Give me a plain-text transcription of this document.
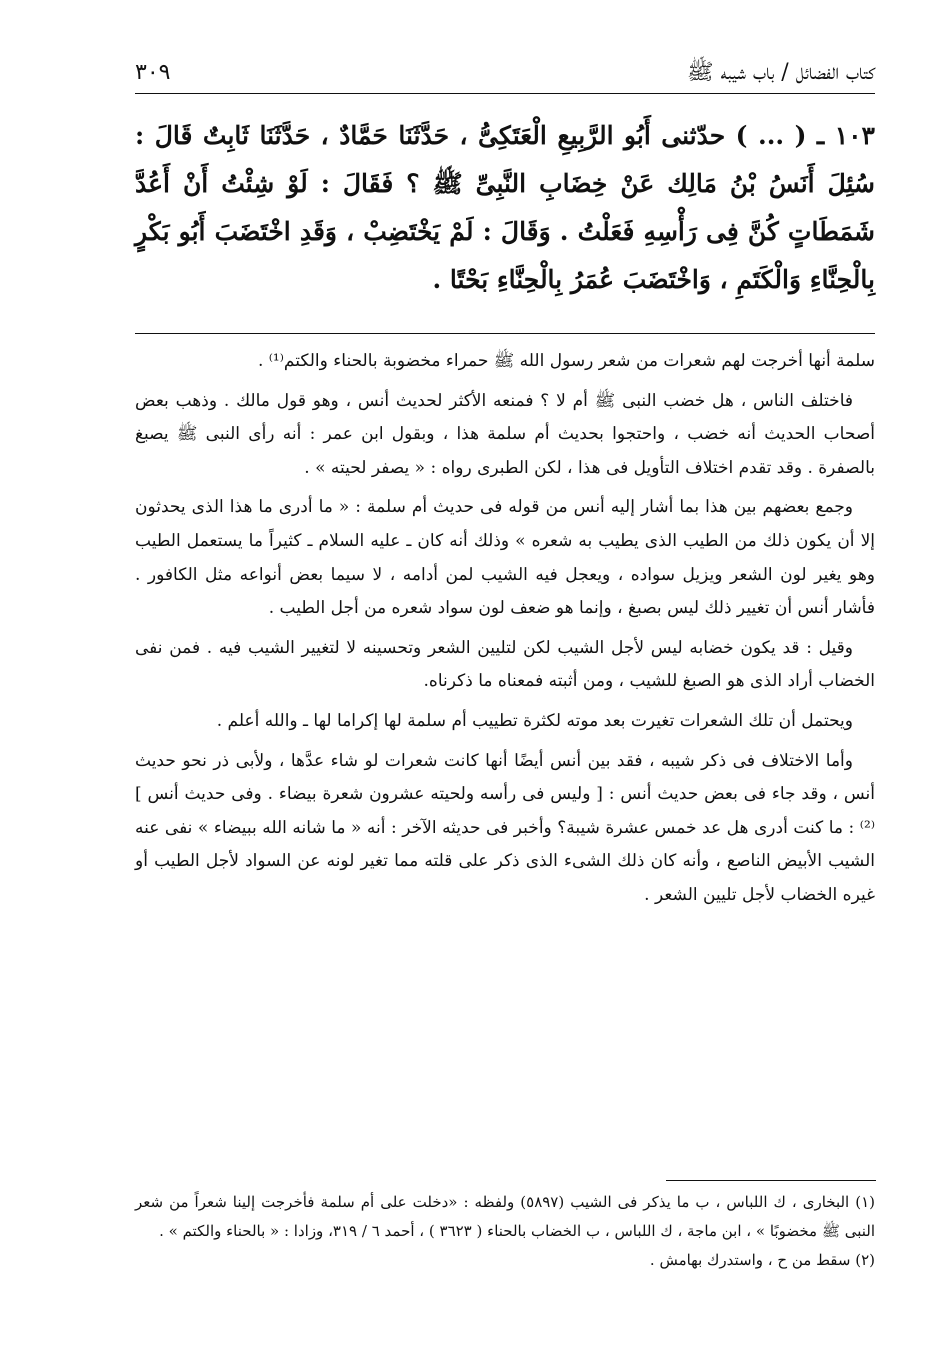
كتاب الفضائل / باب شيبه ﷺ
٣٠٩
١٠٣ ـ ( ... ) حدّثنى أَبُو الرَّبِيعِ الْعَتَكِىُّ ، حَدَّثَنَا حَمَّادٌ ، حَدَّثَنَا ثَابِتٌ قَالَ : سُئِلَ أَنَسُ بْنُ مَالِك عَنْ خِضَابِ النَّبِىِّ ﷺ ؟ فَقَالَ : لَوْ شِئْتُ أَنْ أَعُدَّ شَمَطَاتٍ كُنَّ فِى رَأْسِهِ فَعَلْتُ . وَقَالَ : لَمْ يَخْتَضِبْ ، وَقَدِ اخْتَضَبَ أَبُو بَكْرٍ بِالْحِنَّاءِ وَالْكَتَمِ ، وَاخْتَضَبَ عُمَرُ بِالْحِنَّاءِ بَحْتًا .

سلمة أنها أخرجت لهم شعرات من شعر رسول الله ﷺ حمراء مخضوبة بالحناء والكتم⁽¹⁾ .

فاختلف الناس ، هل خضب النبى ﷺ أم لا ؟ فمنعه الأكثر لحديث أنس ، وهو قول مالك . وذهب بعض أصحاب الحديث أنه خضب ، واحتجوا بحديث أم سلمة هذا ، وبقول ابن عمر : أنه رأى النبى ﷺ يصبغ بالصفرة . وقد تقدم اختلاف التأويل فى هذا ، لكن الطبرى رواه : « يصفر لحيته » .

وجمع بعضهم بين هذا بما أشار إليه أنس من قوله فى حديث أم سلمة : « ما أدرى ما هذا الذى يحدثون إلا أن يكون ذلك من الطيب الذى يطيب به شعره » وذلك أنه كان ـ عليه السلام ـ كثيراً ما يستعمل الطيب وهو يغير لون الشعر ويزيل سواده ، ويعجل فيه الشيب لمن أدامه ، لا سيما بعض أنواعه مثل الكافور . فأشار أنس أن تغيير ذلك ليس بصبغ ، وإنما هو ضعف لون سواد شعره من أجل الطيب .

وقيل : قد يكون خضابه ليس لأجل الشيب لكن لتليين الشعر وتحسينه لا لتغيير الشيب فيه . فمن نفى الخضاب أراد الذى هو الصبغ للشيب ، ومن أثبته فمعناه ما ذكرناه.

ويحتمل أن تلك الشعرات تغيرت بعد موته لكثرة تطييب أم سلمة لها إكراما لها ـ والله أعلم .

وأما الاختلاف فى ذكر شيبه ، فقد بين أنس أيضًا أنها كانت شعرات لو شاء عدَّها ، ولأبى ذر نحو حديث أنس ، وقد جاء فى بعض حديث أنس : [ وليس فى رأسه ولحيته عشرون شعرة بيضاء . وفى حديث أنس ] ⁽²⁾ : ما كنت أدرى هل عد خمس عشرة شيبة؟ وأخبر فى حديثه الآخر : أنه « ما شانه الله ببيضاء » نفى عنه الشيب الأبيض الناصع ، وأنه كان ذلك الشىء الذى ذكر على قلته مما تغير لونه عن السواد لأجل الطيب أو غيره الخضاب لأجل تليين الشعر .

(١) البخارى ، ك اللباس ، ب ما يذكر فى الشيب (٥٨٩٧) ولفظه : «دخلت على أم سلمة فأخرجت إلينا شعراً من شعر النبى ﷺ مخضوبًا » ، ابن ماجة ، ك اللباس ، ب الخضاب بالحناء ( ٣٦٢٣ ) ، أحمد ٦ / ٣١٩، وزادا : « بالحناء والكتم » .

(٢) سقط من ح ، واستدرك بهامش .
